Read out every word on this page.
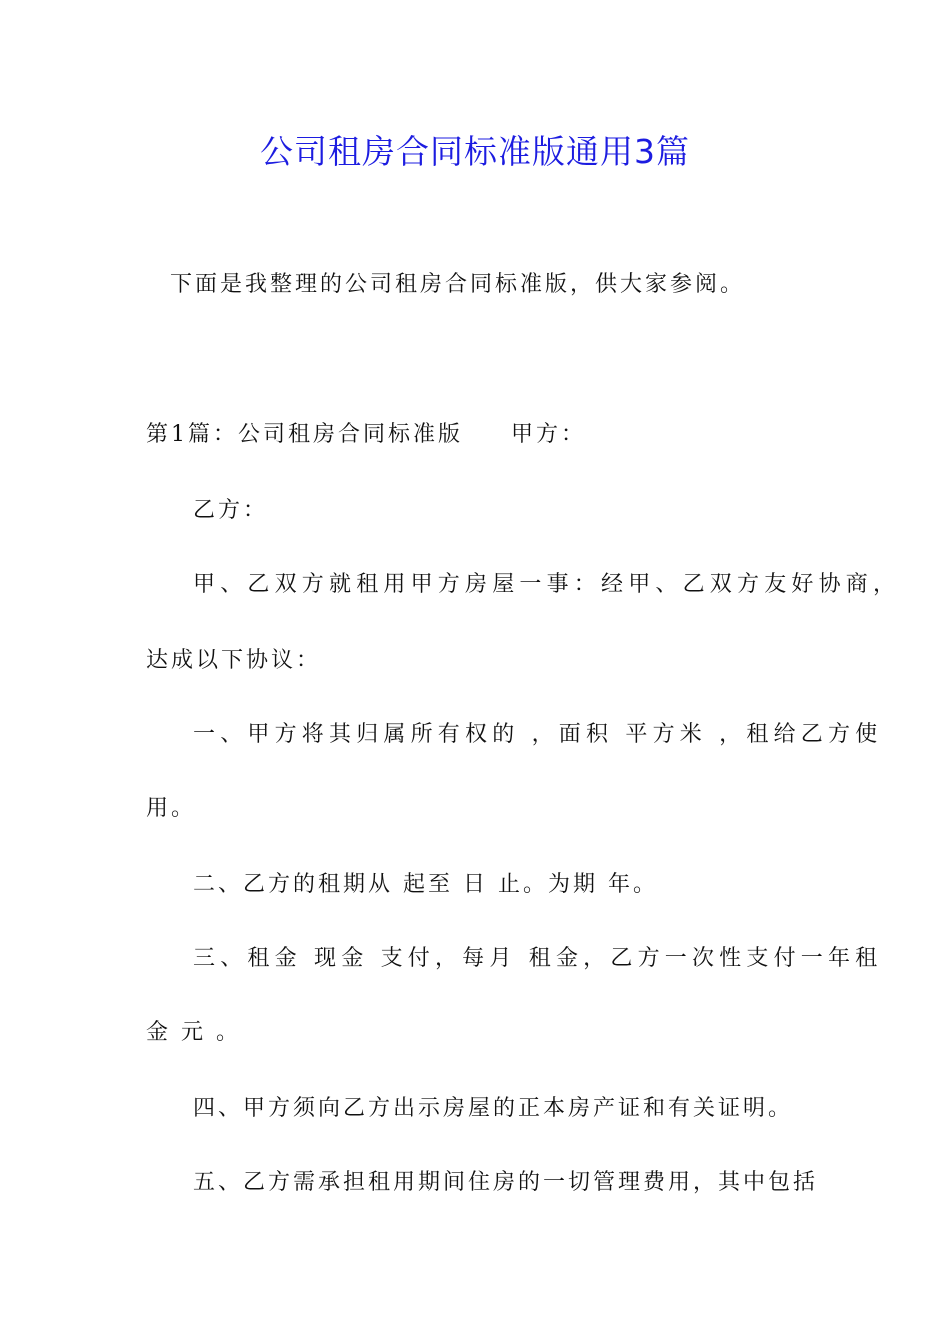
公司租房合同标准版通用3篇
下面是我整理的公司租房合同标准版，供大家参阅。
第1篇：公司租房合同标准版 甲方：
乙方：
甲、乙双方就租用甲方房屋一事：经甲、乙双方友好协商，
达成以下协议：
一、甲方将其归属所有权的 ，面积 平方米 ，租给乙方使
用。
二、乙方的租期从 起至 日 止。为期 年。
三、租金 现金 支付，每月 租金，乙方一次性支付一年租
金 元 。
四、甲方须向乙方出示房屋的正本房产证和有关证明。
五、乙方需承担租用期间住房的一切管理费用，其中包括
